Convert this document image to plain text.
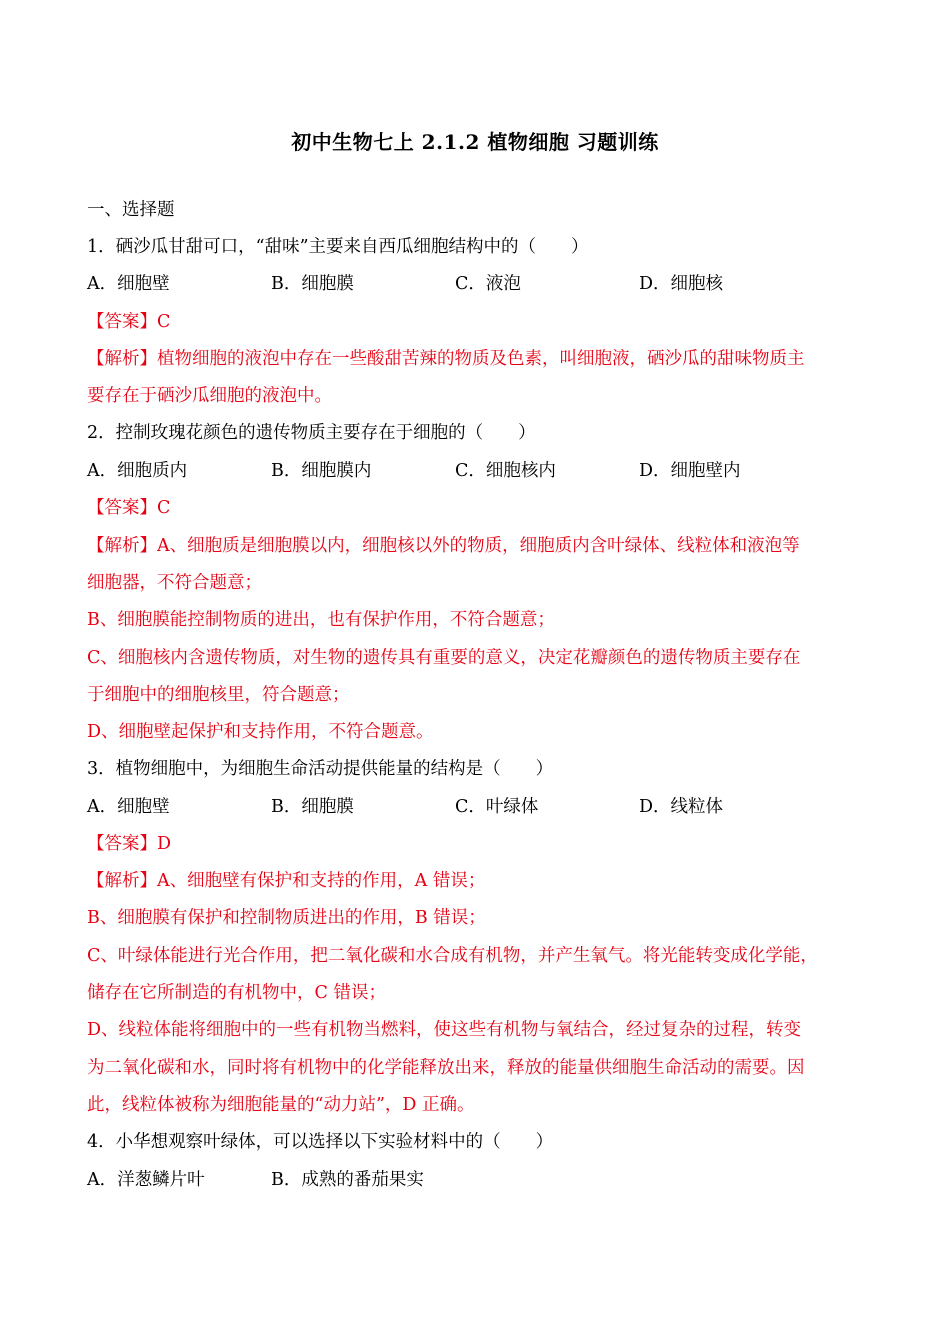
初中生物七上 2.1.2 植物细胞 习题训练
一、选择题
1．硒沙瓜甘甜可口，“甜味”主要来自西瓜细胞结构中的（　　）
A．细胞壁	B．细胞膜	C．液泡	D．细胞核
【答案】C
【解析】植物细胞的液泡中存在一些酸甜苦辣的物质及色素，叫细胞液，硒沙瓜的甜味物质主
要存在于硒沙瓜细胞的液泡中。
2．控制玫瑰花颜色的遗传物质主要存在于细胞的（　　）
A．细胞质内	B．细胞膜内	C．细胞核内	D．细胞壁内
【答案】C
【解析】A、细胞质是细胞膜以内，细胞核以外的物质，细胞质内含叶绿体、线粒体和液泡等
细胞器，不符合题意；
B、细胞膜能控制物质的进出，也有保护作用，不符合题意；
C、细胞核内含遗传物质，对生物的遗传具有重要的意义，决定花瓣颜色的遗传物质主要存在
于细胞中的细胞核里，符合题意；
D、细胞壁起保护和支持作用，不符合题意。
3．植物细胞中，为细胞生命活动提供能量的结构是（　　）
A．细胞壁	B．细胞膜	C．叶绿体	D．线粒体
【答案】D
【解析】A、细胞壁有保护和支持的作用，A 错误；
B、细胞膜有保护和控制物质进出的作用，B 错误；
C、叶绿体能进行光合作用，把二氧化碳和水合成有机物，并产生氧气。将光能转变成化学能，
储存在它所制造的有机物中，C 错误；
D、线粒体能将细胞中的一些有机物当燃料，使这些有机物与氧结合，经过复杂的过程，转变
为二氧化碳和水，同时将有机物中的化学能释放出来，释放的能量供细胞生命活动的需要。因
此，线粒体被称为细胞能量的“动力站”，D 正确。
4．小华想观察叶绿体，可以选择以下实验材料中的（　　）
A．洋葱鳞片叶	B．成熟的番茄果实
